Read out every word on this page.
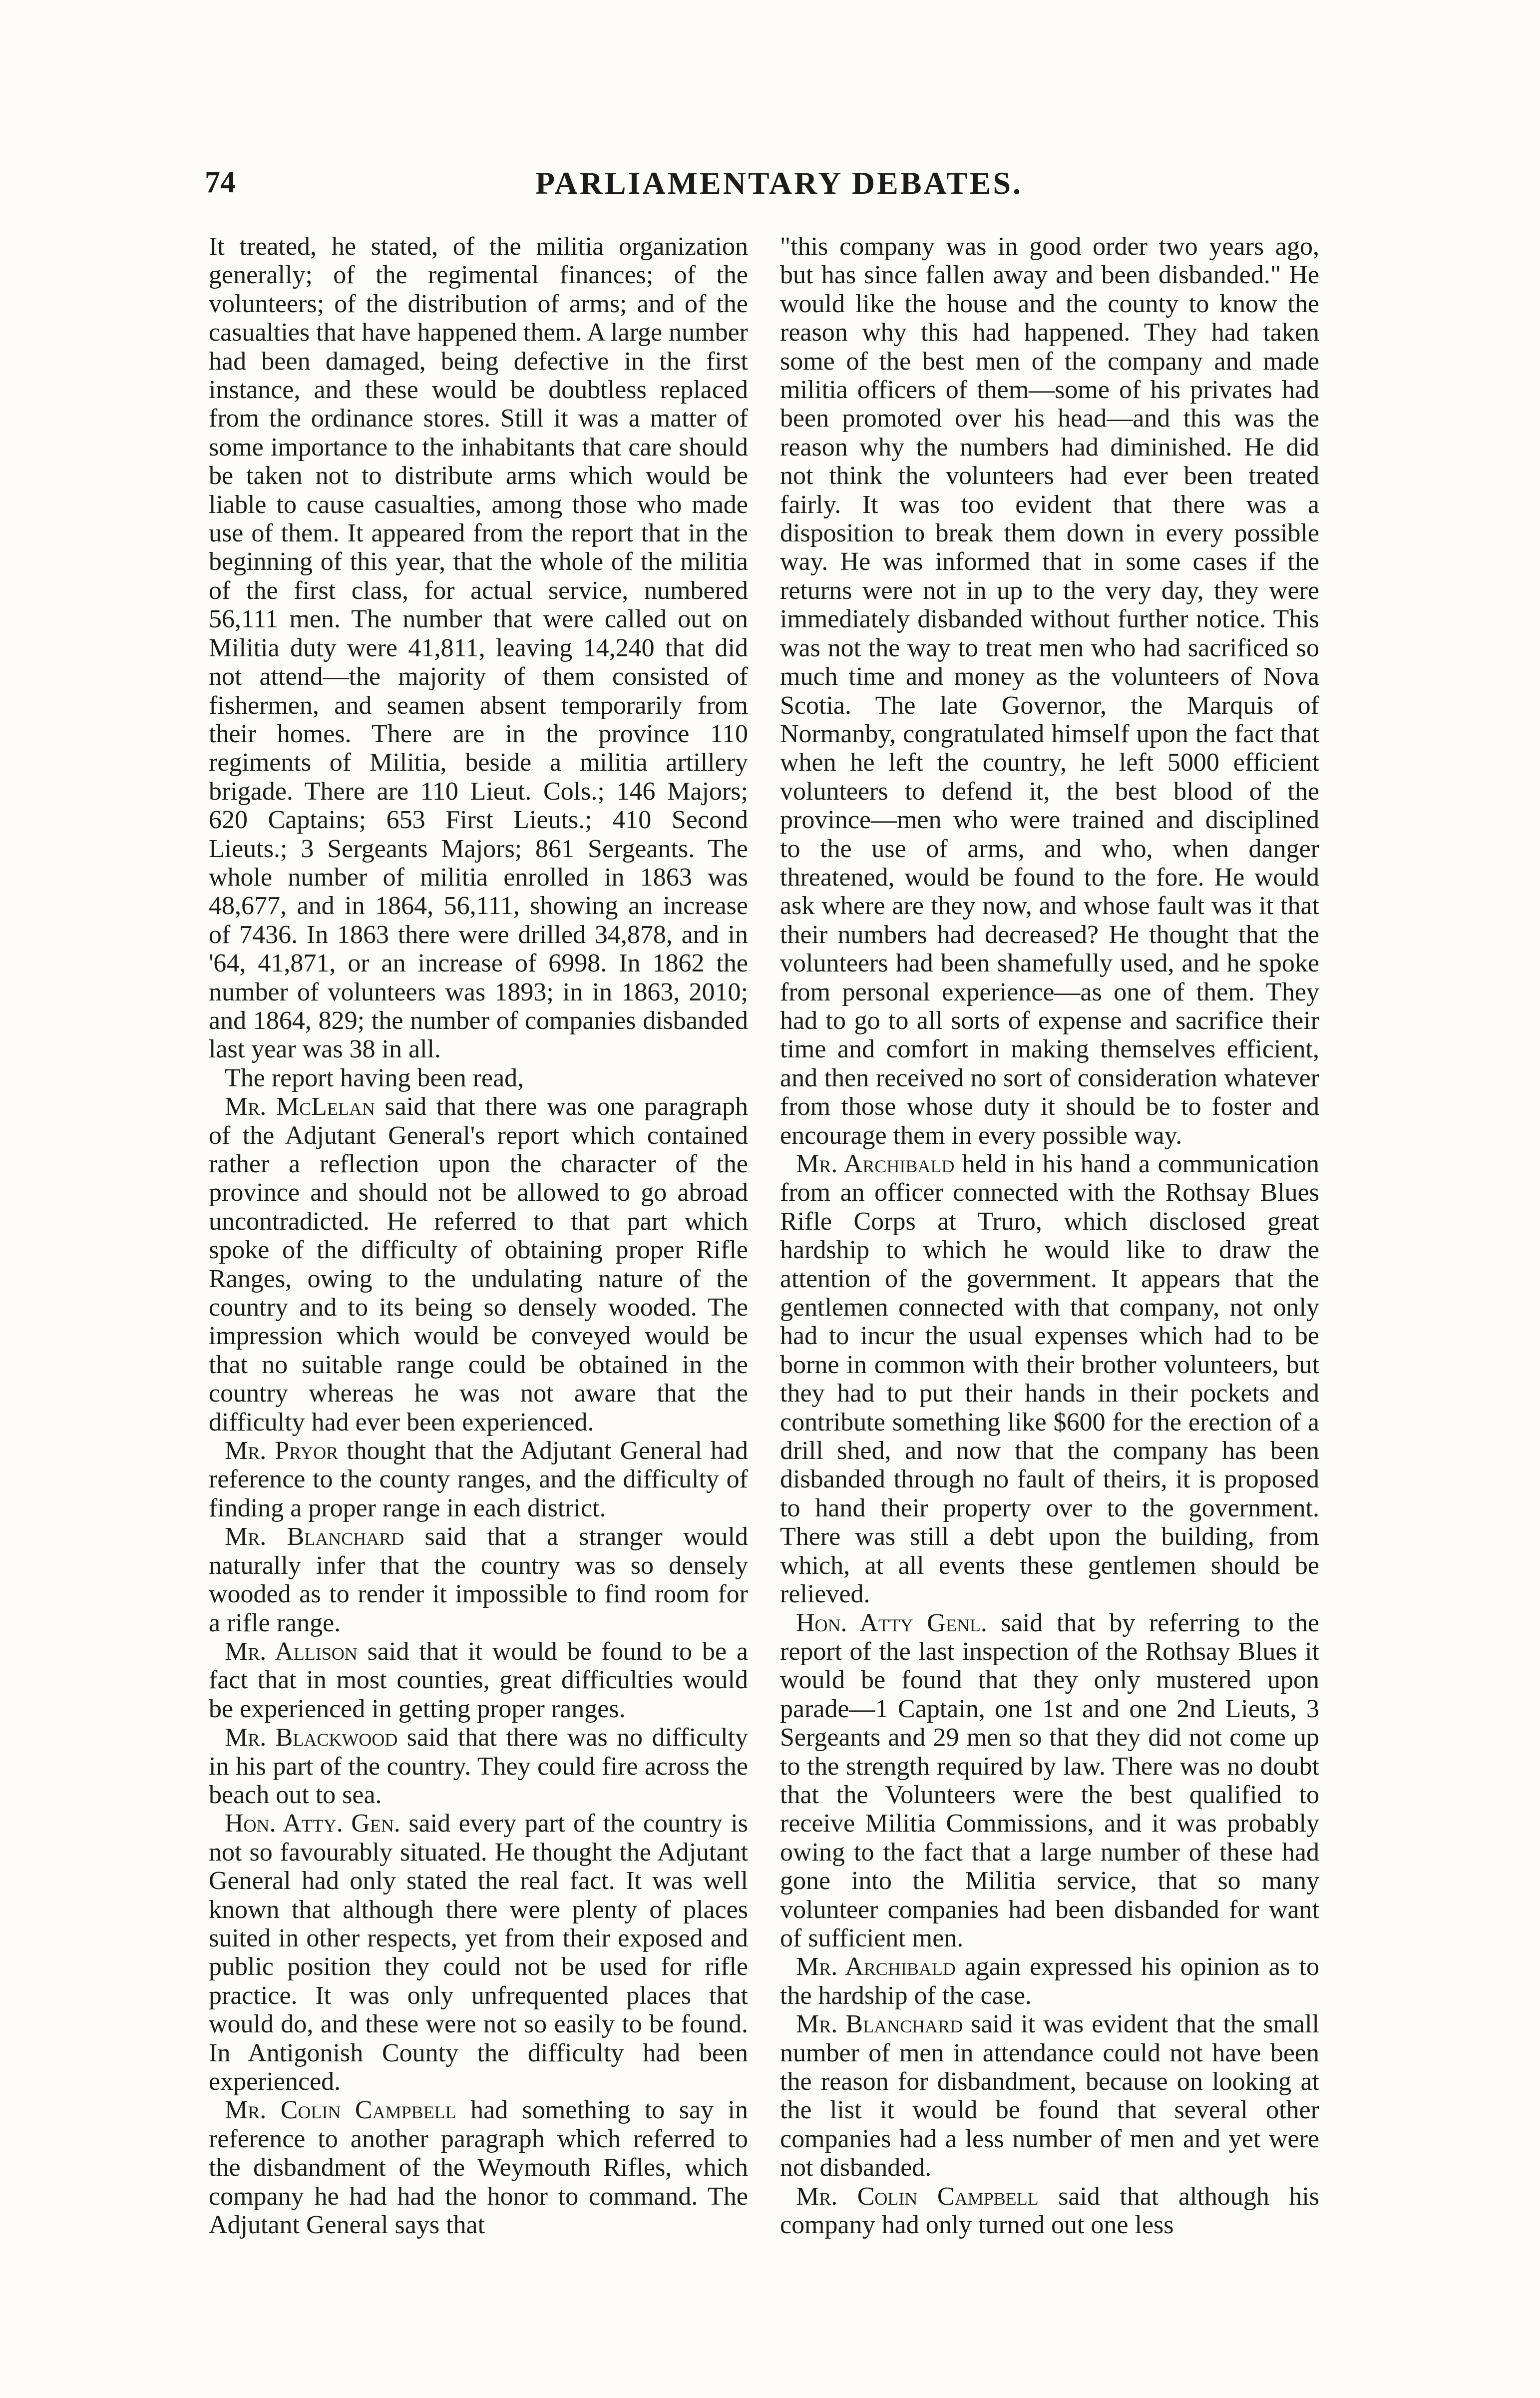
74	PARLIAMENTARY DEBATES.

It treated, he stated, of the militia organization generally; of the regimental finances; of the volunteers; of the distribution of arms; and of the casualties that have happened them. A large number had been damaged, being defective in the first instance, and these would be doubtless replaced from the ordinance stores. Still it was a matter of some importance to the inhabitants that care should be taken not to distribute arms which would be liable to cause casualties, among those who made use of them. It appeared from the report that in the beginning of this year, that the whole of the militia of the first class, for actual service, numbered 56,111 men. The number that were called out on Militia duty were 41,811, leaving 14,240 that did not attend—the majority of them consisted of fishermen, and seamen absent temporarily from their homes. There are in the province 110 regiments of Militia, beside a militia artillery brigade. There are 110 Lieut. Cols.; 146 Majors; 620 Captains; 653 First Lieuts.; 410 Second Lieuts.; 3 Sergeants Majors; 861 Sergeants. The whole number of militia enrolled in 1863 was 48,677, and in 1864, 56,111, showing an increase of 7436. In 1863 there were drilled 34,878, and in '64, 41,871, or an increase of 6998. In 1862 the number of volunteers was 1893; in in 1863, 2010; and 1864, 829; the number of companies disbanded last year was 38 in all.

The report having been read,

Mr. McLelan said that there was one paragraph of the Adjutant General's report which contained rather a reflection upon the character of the province and should not be allowed to go abroad uncontradicted. He referred to that part which spoke of the difficulty of obtaining proper Rifle Ranges, owing to the undulating nature of the country and to its being so densely wooded. The impression which would be conveyed would be that no suitable range could be obtained in the country whereas he was not aware that the difficulty had ever been experienced.

Mr. Pryor thought that the Adjutant General had reference to the county ranges, and the difficulty of finding a proper range in each district.

Mr. Blanchard said that a stranger would naturally infer that the country was so densely wooded as to render it impossible to find room for a rifle range.

Mr. Allison said that it would be found to be a fact that in most counties, great difficulties would be experienced in getting proper ranges.

Mr. Blackwood said that there was no difficulty in his part of the country. They could fire across the beach out to sea.

Hon. Atty. Gen. said every part of the country is not so favourably situated. He thought the Adjutant General had only stated the real fact. It was well known that although there were plenty of places suited in other respects, yet from their exposed and public position they could not be used for rifle practice. It was only unfrequented places that would do, and these were not so easily to be found. In Antigonish County the difficulty had been experienced.

Mr. Colin Campbell had something to say in reference to another paragraph which referred to the disbandment of the Weymouth Rifles, which company he had had the honor to command. The Adjutant General says that

"this company was in good order two years ago, but has since fallen away and been disbanded." He would like the house and the county to know the reason why this had happened. They had taken some of the best men of the company and made militia officers of them—some of his privates had been promoted over his head—and this was the reason why the numbers had diminished. He did not think the volunteers had ever been treated fairly. It was too evident that there was a disposition to break them down in every possible way. He was informed that in some cases if the returns were not in up to the very day, they were immediately disbanded without further notice. This was not the way to treat men who had sacrificed so much time and money as the volunteers of Nova Scotia. The late Governor, the Marquis of Normanby, congratulated himself upon the fact that when he left the country, he left 5000 efficient volunteers to defend it, the best blood of the province—men who were trained and disciplined to the use of arms, and who, when danger threatened, would be found to the fore. He would ask where are they now, and whose fault was it that their numbers had decreased? He thought that the volunteers had been shamefully used, and he spoke from personal experience—as one of them. They had to go to all sorts of expense and sacrifice their time and comfort in making themselves efficient, and then received no sort of consideration whatever from those whose duty it should be to foster and encourage them in every possible way.

Mr. Archibald held in his hand a communication from an officer connected with the Rothsay Blues Rifle Corps at Truro, which disclosed great hardship to which he would like to draw the attention of the government. It appears that the gentlemen connected with that company, not only had to incur the usual expenses which had to be borne in common with their brother volunteers, but they had to put their hands in their pockets and contribute something like $600 for the erection of a drill shed, and now that the company has been disbanded through no fault of theirs, it is proposed to hand their property over to the government. There was still a debt upon the building, from which, at all events these gentlemen should be relieved.

Hon. Atty Genl. said that by referring to the report of the last inspection of the Rothsay Blues it would be found that they only mustered upon parade—1 Captain, one 1st and one 2nd Lieuts, 3 Sergeants and 29 men so that they did not come up to the strength required by law. There was no doubt that the Volunteers were the best qualified to receive Militia Commissions, and it was probably owing to the fact that a large number of these had gone into the Militia service, that so many volunteer companies had been disbanded for want of sufficient men.

Mr. Archibald again expressed his opinion as to the hardship of the case.

Mr. Blanchard said it was evident that the small number of men in attendance could not have been the reason for disbandment, because on looking at the list it would be found that several other companies had a less number of men and yet were not disbanded.

Mr. Colin Campbell said that although his company had only turned out one less
